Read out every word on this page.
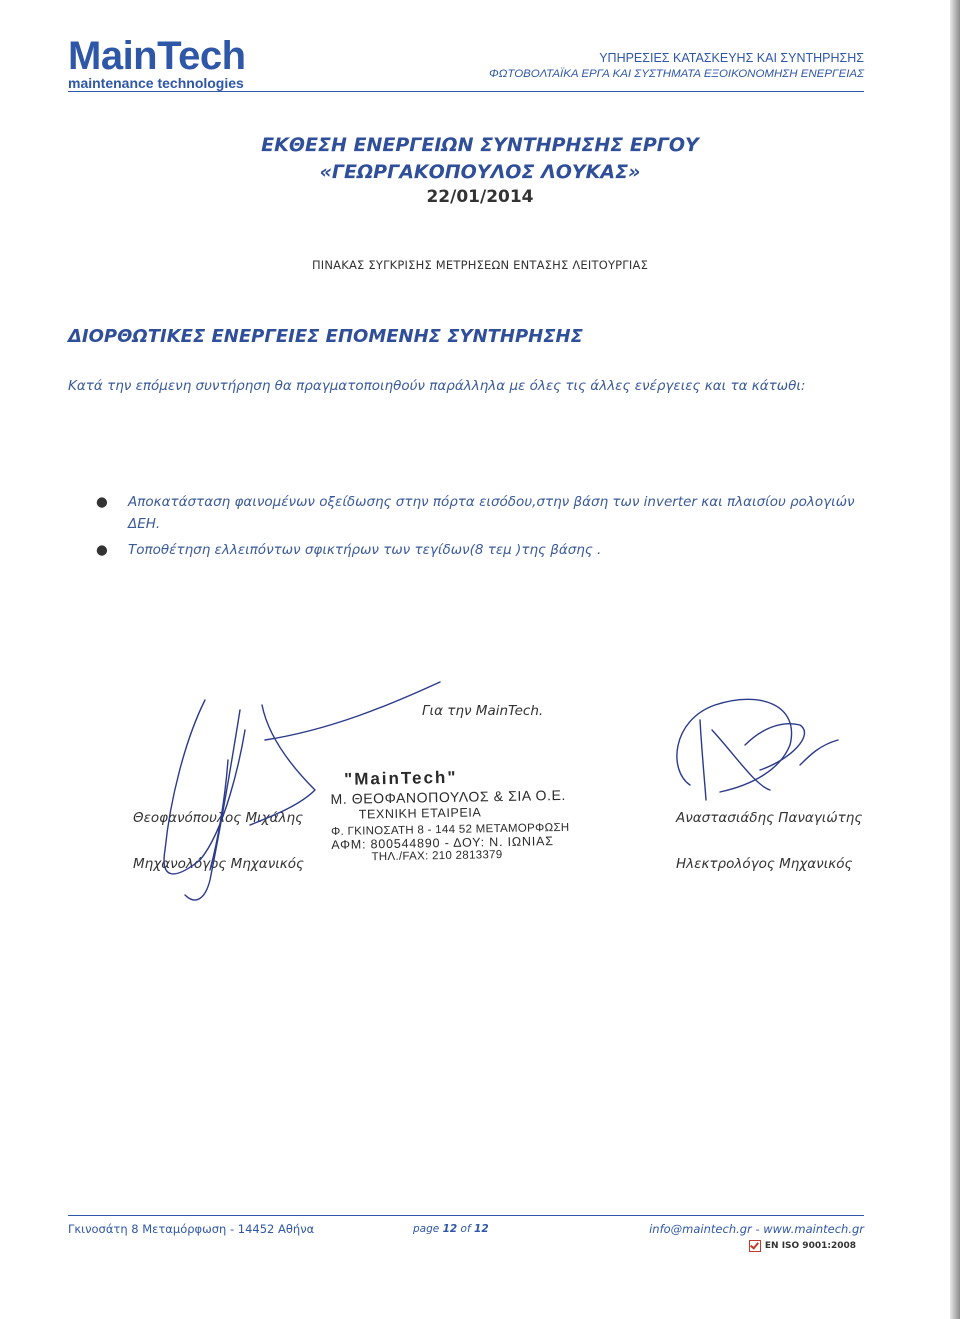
MainTech
maintenance technologies
ΥΠΗΡΕΣΙΕΣ ΚΑΤΑΣΚΕΥΗΣ ΚΑΙ ΣΥΝΤΗΡΗΣΗΣ
ΦΩΤΟΒΟΛΤΑΪΚΑ ΕΡΓΑ ΚΑΙ ΣΥΣΤΗΜΑΤΑ ΕΞΟΙΚΟΝΟΜΗΣΗ ΕΝΕΡΓΕΙΑΣ
ΕΚΘΕΣΗ ΕΝΕΡΓΕΙΩΝ ΣΥΝΤΗΡΗΣΗΣ ΕΡΓΟΥ
«ΓΕΩΡΓΑΚΟΠΟΥΛΟΣ ΛΟΥΚΑΣ»
22/01/2014
ΠΙΝΑΚΑΣ ΣΥΓΚΡΙΣΗΣ ΜΕΤΡΗΣΕΩΝ ΕΝΤΑΣΗΣ ΛΕΙΤΟΥΡΓΙΑΣ
ΔΙΟΡΘΩΤΙΚΕΣ ΕΝΕΡΓΕΙΕΣ ΕΠΟΜΕΝΗΣ ΣΥΝΤΗΡΗΣΗΣ
Κατά την επόμενη συντήρηση θα πραγματοποιηθούν παράλληλα με όλες τις άλλες ενέργειες και τα κάτωθι:
● Αποκατάσταση φαινομένων οξείδωσης στην πόρτα εισόδου,στην βάση των inverter και πλαισίου ρολογιών ΔΕΗ.
● Τοποθέτηση ελλειπόντων σφικτήρων των τεγίδων(8 τεμ )της βάσης .
Για την MainTech.
Θεοφανόπουλος Μιχάλης
Μηχανολόγος Μηχανικός
"MainTech"
Μ. ΘΕΟΦΑΝΟΠΟΥΛΟΣ & ΣΙΑ Ο.Ε.
ΤΕΧΝΙΚΗ ΕΤΑΙΡΕΙΑ
Φ. ΓΚΙΝΟΣΑΤΗ 8 - 144 52 ΜΕΤΑΜΟΡΦΩΣΗ
ΑΦΜ: 800544890 - ΔΟΥ: Ν. ΙΩΝΙΑΣ
ΤΗΛ./FAX: 210 2813379
Αναστασιάδης Παναγιώτης
Ηλεκτρολόγος Μηχανικός
Γκινοσάτη 8 Μεταμόρφωση - 14452 Αθήνα	page 12 of 12	info@maintech.gr - www.maintech.gr
EN ISO 9001:2008
